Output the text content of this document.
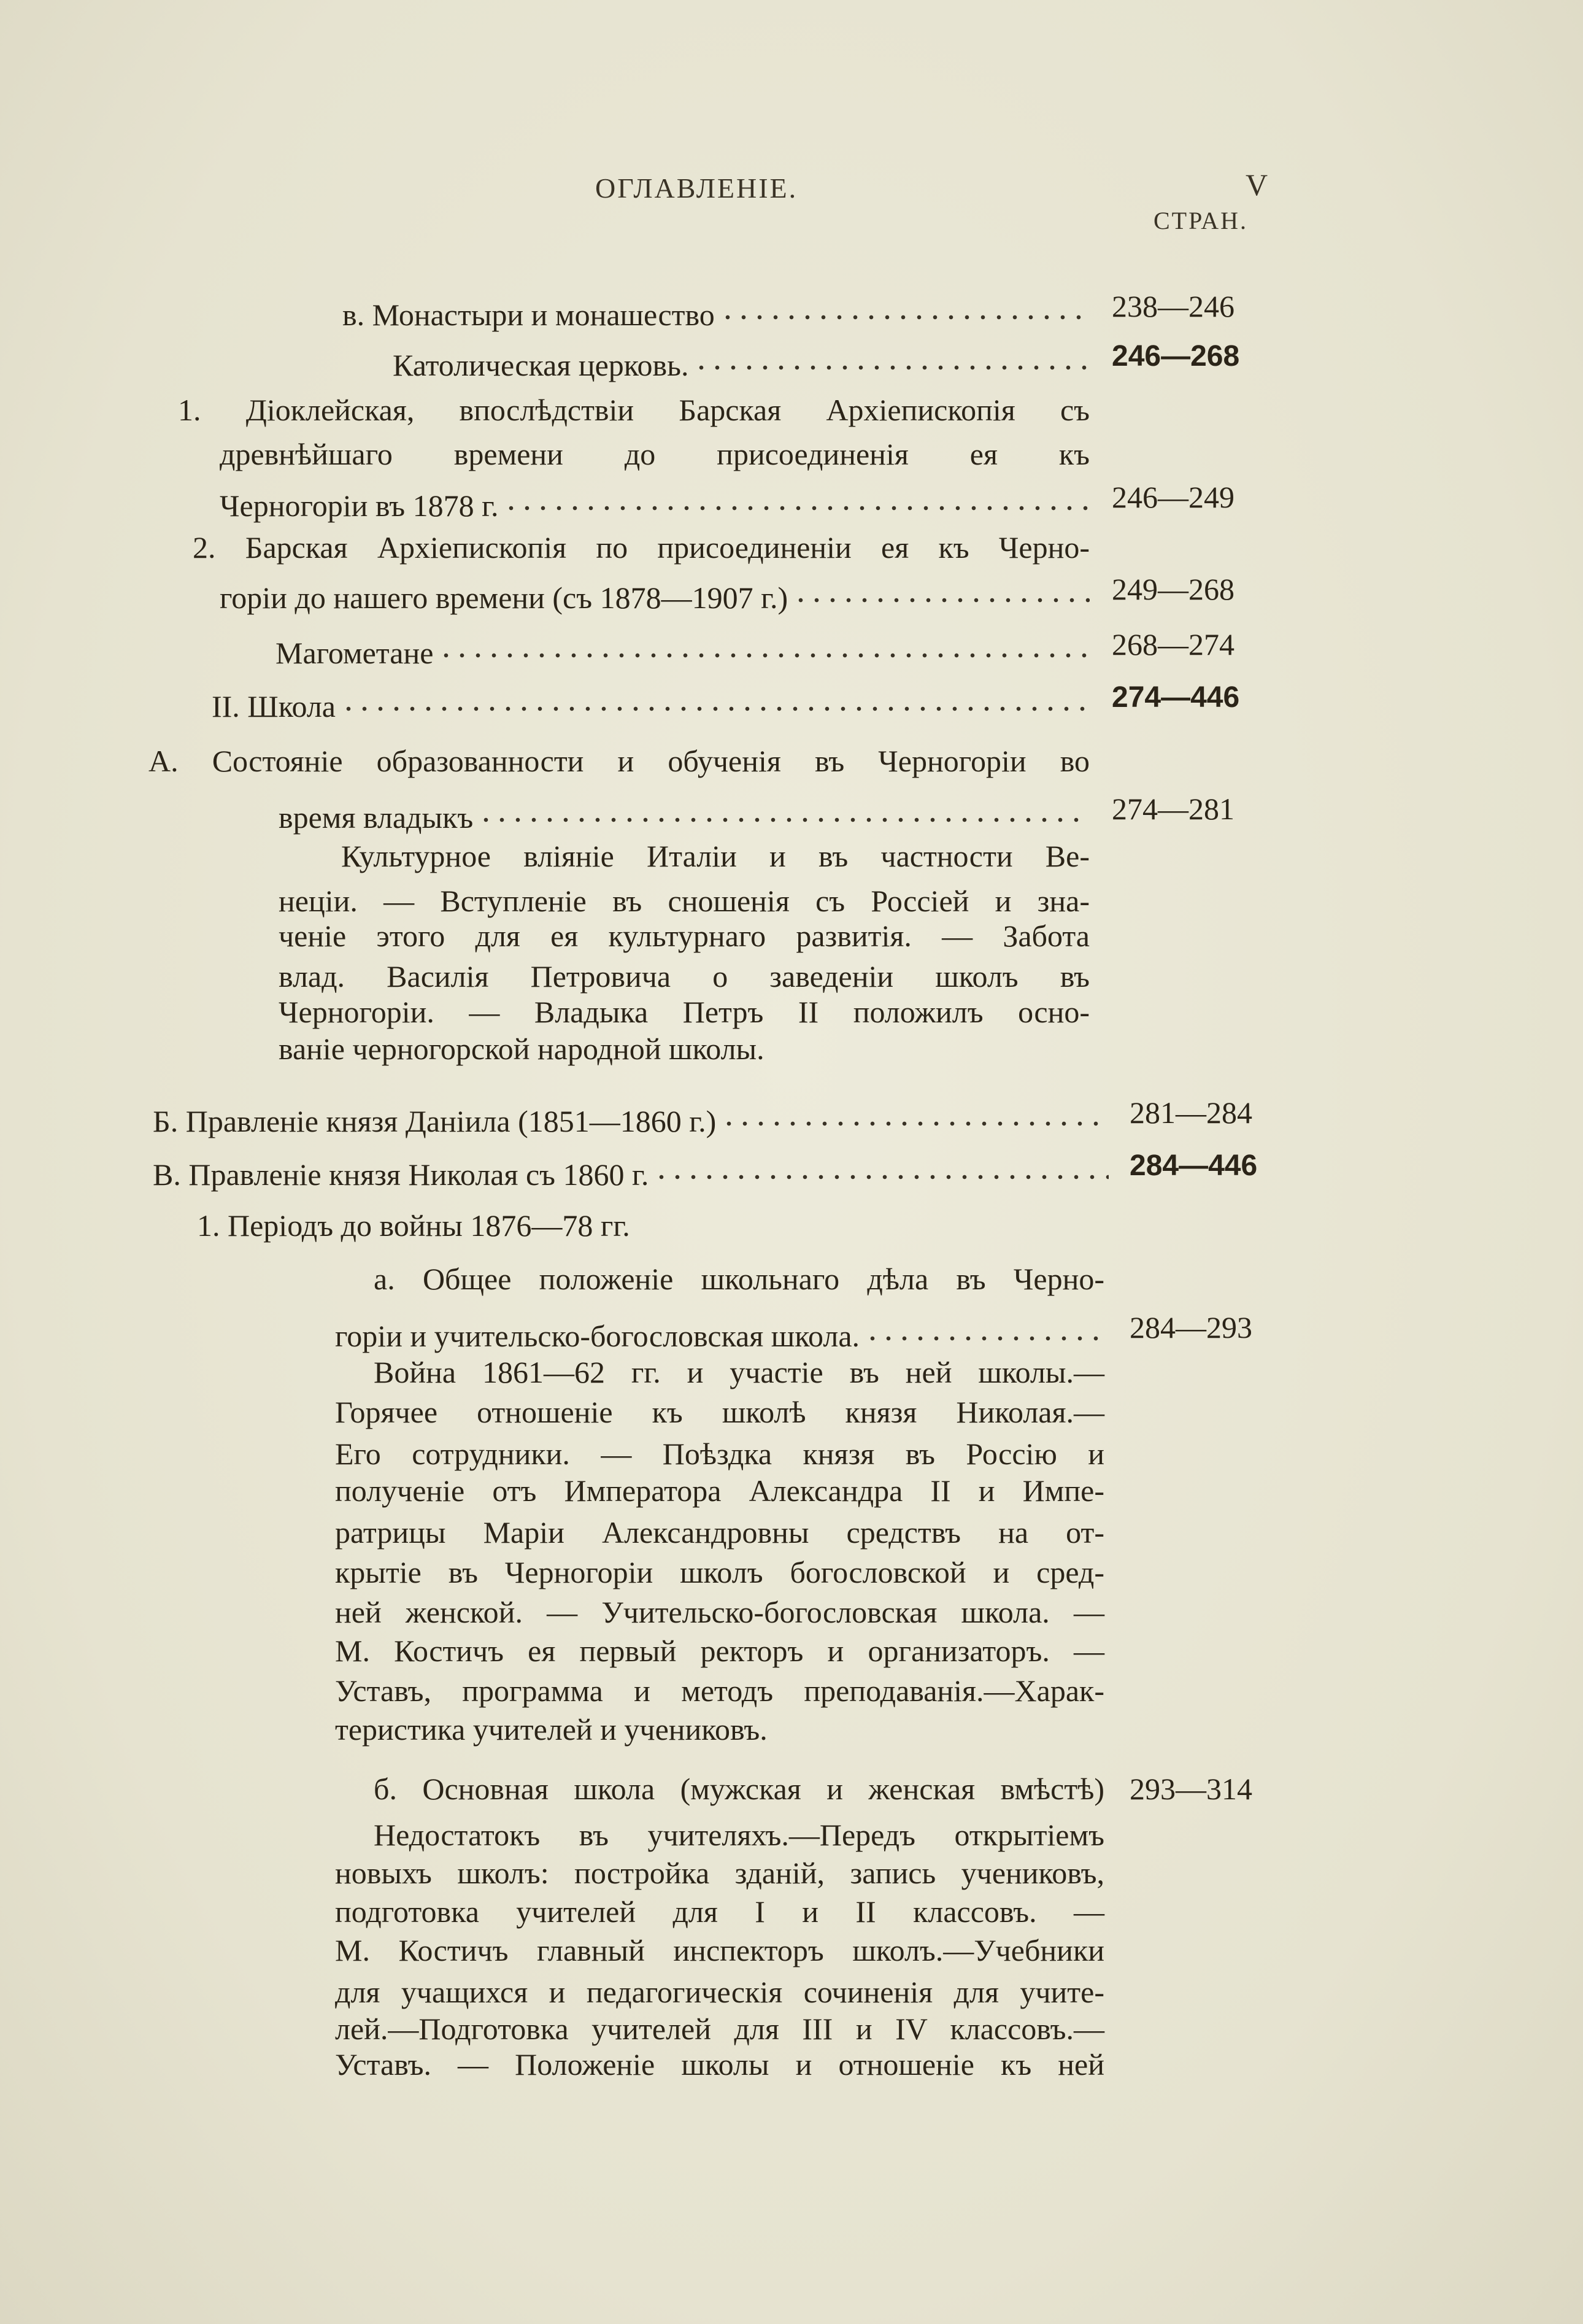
ОГЛАВЛЕНІЕ.	V
СТРАН.
в. Монастыри и монашество	238—246
Католическая церковь.	246—268
1. Діоклейская, впослѣдствіи Барская Архіепископія съ
древнѣйшаго времени до присоединенія ея къ
Черногоріи въ 1878 г.	246—249
2. Барская Архіепископія по присоединеніи ея къ Черно-
горіи до нашего времени (съ 1878—1907 г.)	249—268
Магометане	268—274
II. Школа	274—446
А. Состояніе образованности и обученія въ Черногоріи во
время владыкъ	274—281
Культурное вліяніе Италіи и въ частности Ве-
неціи. — Вступленіе въ сношенія съ Россіей и зна-
ченіе этого для ея культурнаго развитія. — Забота
влад. Василія Петровича о заведеніи школъ въ
Черногоріи. — Владыка Петръ II положилъ осно-
ваніе черногорской народной школы.
Б. Правленіе князя Даніила (1851—1860 г.)	281—284
В. Правленіе князя Николая съ 1860 г.	284—446
1. Періодъ до войны 1876—78 гг.
а. Общее положеніе школьнаго дѣла въ Черно-
горіи и учительско-богословская школа.	284—293
Война 1861—62 гг. и участіе въ ней школы.—
Горячее отношеніе къ школѣ князя Николая.—
Его сотрудники. — Поѣздка князя въ Россію и
полученіе отъ Императора Александра II и Импе-
ратрицы Маріи Александровны средствъ на от-
крытіе въ Черногоріи школъ богословской и сред-
ней женской. — Учительско-богословская школа. —
М. Костичъ ея первый ректоръ и организаторъ. —
Уставъ, программа и методъ преподаванія.—Харак-
теристика учителей и учениковъ.
б. Основная школа (мужская и женская вмѣстѣ) 293—314
Недостатокъ въ учителяхъ.—Передъ открытіемъ
новыхъ школъ: постройка зданій, запись учениковъ,
подготовка учителей для I и II классовъ. —
М. Костичъ главный инспекторъ школъ.—Учебники
для учащихся и педагогическія сочиненія для учите-
лей.—Подготовка учителей для III и IV классовъ.—
Уставъ. — Положеніе школы и отношеніе къ ней
